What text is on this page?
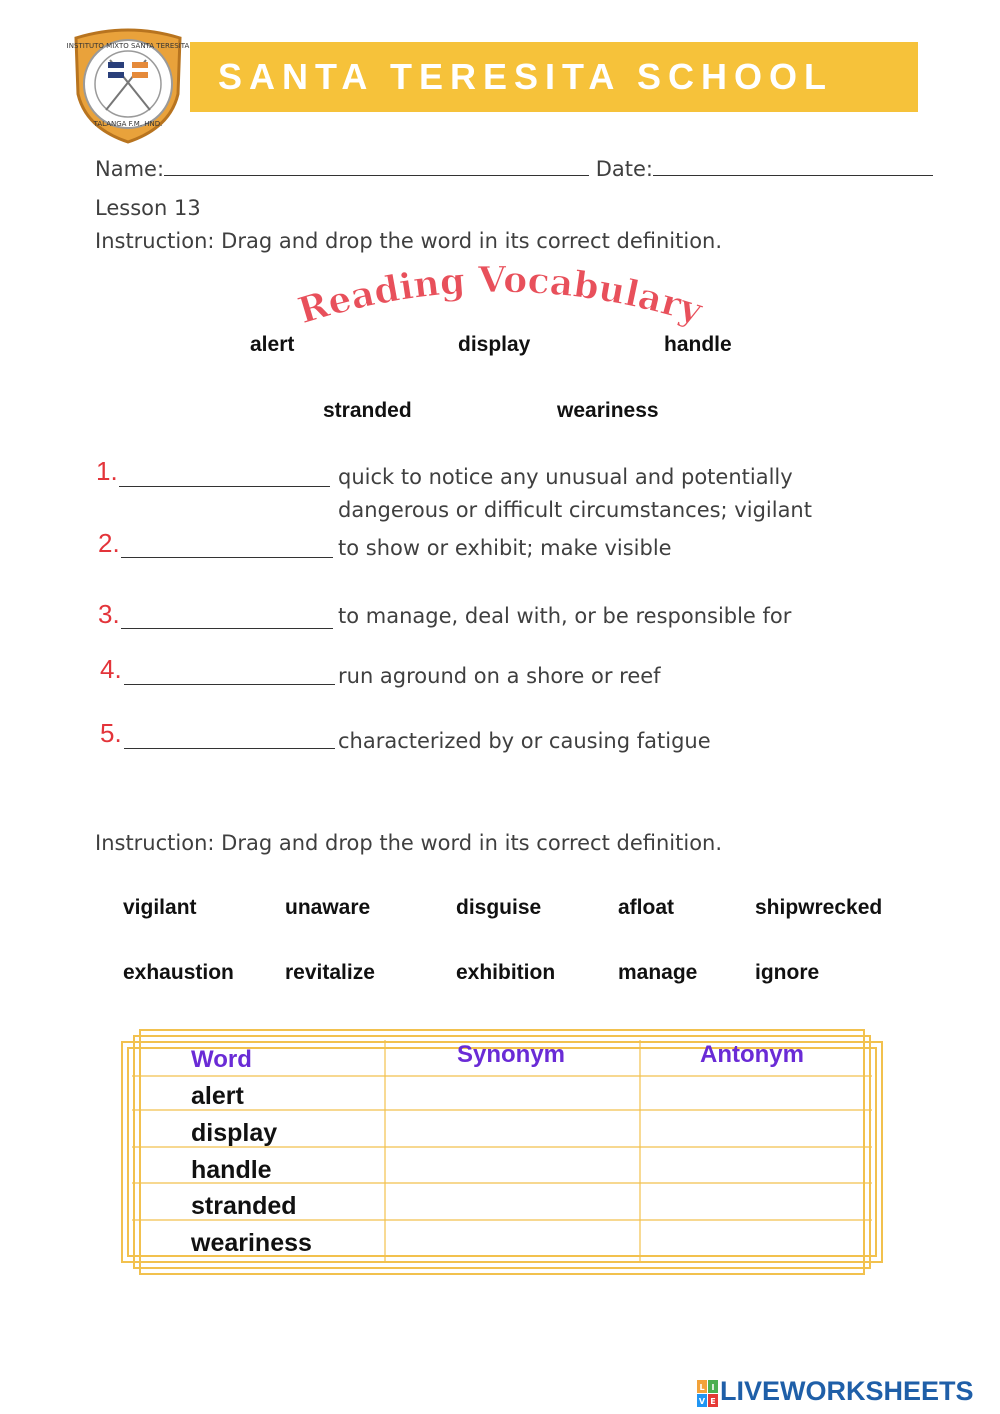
INSTITUTO MIXTO SANTA TERESITA
TALANGA F.M. HND.
SANTA TERESITA SCHOOL
Name:	Date:
Lesson 13
Instruction: Drag and drop the word in its correct definition.
Reading Vocabulary
alert	display	handle
stranded	weariness
1.	quick to notice any unusual and potentially
dangerous or difficult circumstances; vigilant
2.	to show or exhibit; make visible
3.	to manage, deal with, or be responsible for
4.	run aground on a shore or reef
5.	characterized by or causing fatigue
Instruction: Drag and drop the word in its correct definition.
vigilant	unaware	disguise	afloat	shipwrecked
exhaustion revitalize	exhibition	manage	ignore
Word	Synonym	Antonym
alert
display
handle
stranded
weariness
L I
V E LIVEWORKSHEETS
